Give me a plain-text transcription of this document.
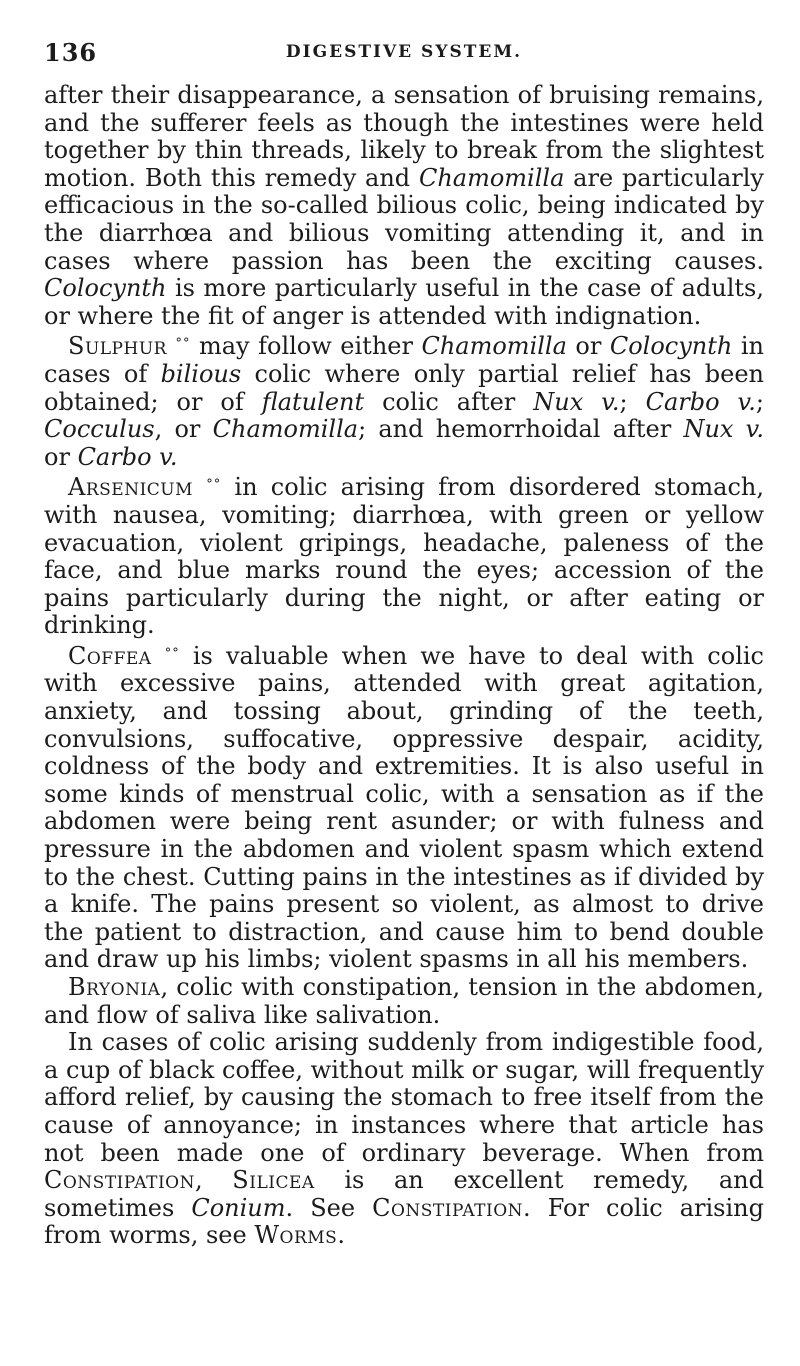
136	DIGESTIVE SYSTEM.

after their disappearance, a sensation of bruising remains, and the sufferer feels as though the intestines were held together by thin threads, likely to break from the slightest motion. Both this remedy and Chamomilla are particularly efficacious in the so-called bilious colic, being indicated by the diarrhœa and bilious vomiting attending it, and in cases where passion has been the exciting causes. Colocynth is more particularly useful in the case of adults, or where the fit of anger is attended with indignation.

Sulphur °° may follow either Chamomilla or Colocynth in cases of bilious colic where only partial relief has been obtained; or of flatulent colic after Nux v.; Carbo v.; Cocculus, or Chamomilla; and hemorrhoidal after Nux v. or Carbo v.

Arsenicum °° in colic arising from disordered stomach, with nausea, vomiting; diarrhœa, with green or yellow evacuation, violent gripings, headache, paleness of the face, and blue marks round the eyes; accession of the pains particularly during the night, or after eating or drinking.

Coffea °° is valuable when we have to deal with colic with excessive pains, attended with great agitation, anxiety, and tossing about, grinding of the teeth, convulsions, suffocative, oppressive despair, acidity, coldness of the body and extremities. It is also useful in some kinds of menstrual colic, with a sensation as if the abdomen were being rent asunder; or with fulness and pressure in the abdomen and violent spasm which extend to the chest. Cutting pains in the intestines as if divided by a knife. The pains present so violent, as almost to drive the patient to distraction, and cause him to bend double and draw up his limbs; violent spasms in all his members.

Bryonia, colic with constipation, tension in the abdomen, and flow of saliva like salivation.

In cases of colic arising suddenly from indigestible food, a cup of black coffee, without milk or sugar, will frequently afford relief, by causing the stomach to free itself from the cause of annoyance; in instances where that article has not been made one of ordinary beverage. When from Constipation, Silicea is an excellent remedy, and sometimes Conium. See Constipation. For colic arising from worms, see Worms.
